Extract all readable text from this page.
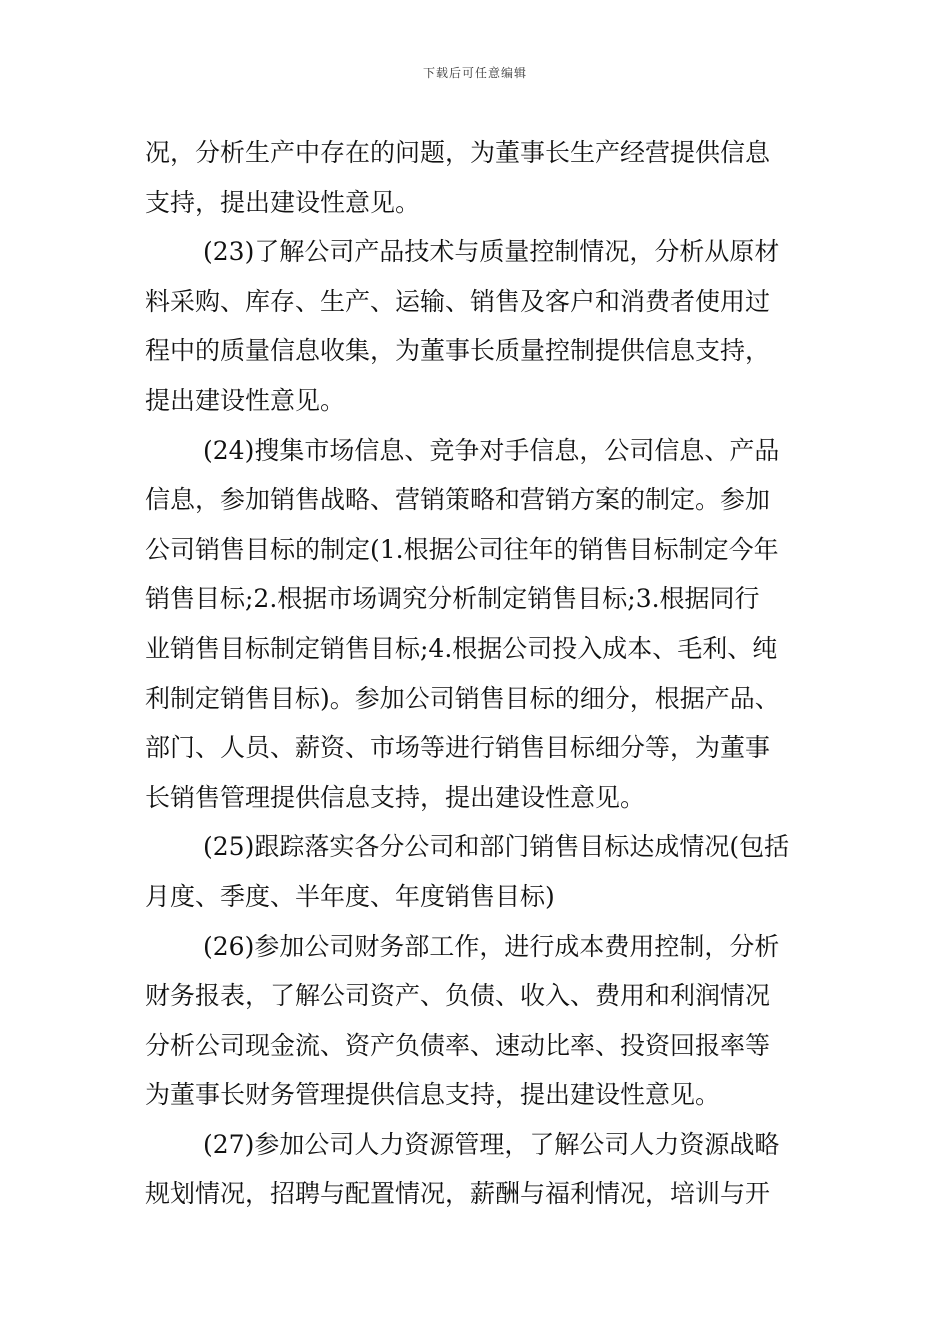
下载后可任意编辑
况，分析生产中存在的问题，为董事长生产经营提供信息
支持，提出建设性意见。
(23)了解公司产品技术与质量控制情况，分析从原材
料采购、库存、生产、运输、销售及客户和消费者使用过
程中的质量信息收集，为董事长质量控制提供信息支持，
提出建设性意见。
(24)搜集市场信息、竞争对手信息，公司信息、产品
信息，参加销售战略、营销策略和营销方案的制定。参加
公司销售目标的制定(1.根据公司往年的销售目标制定今年
销售目标;2.根据市场调究分析制定销售目标;3.根据同行
业销售目标制定销售目标;4.根据公司投入成本、毛利、纯
利制定销售目标)。参加公司销售目标的细分，根据产品、
部门、人员、薪资、市场等进行销售目标细分等，为董事
长销售管理提供信息支持，提出建设性意见。
(25)跟踪落实各分公司和部门销售目标达成情况(包括
月度、季度、半年度、年度销售目标)
(26)参加公司财务部工作，进行成本费用控制，分析
财务报表，了解公司资产、负债、收入、费用和利润情况
分析公司现金流、资产负债率、速动比率、投资回报率等
为董事长财务管理提供信息支持，提出建设性意见。
(27)参加公司人力资源管理，了解公司人力资源战略
规划情况，招聘与配置情况，薪酬与福利情况，培训与开
